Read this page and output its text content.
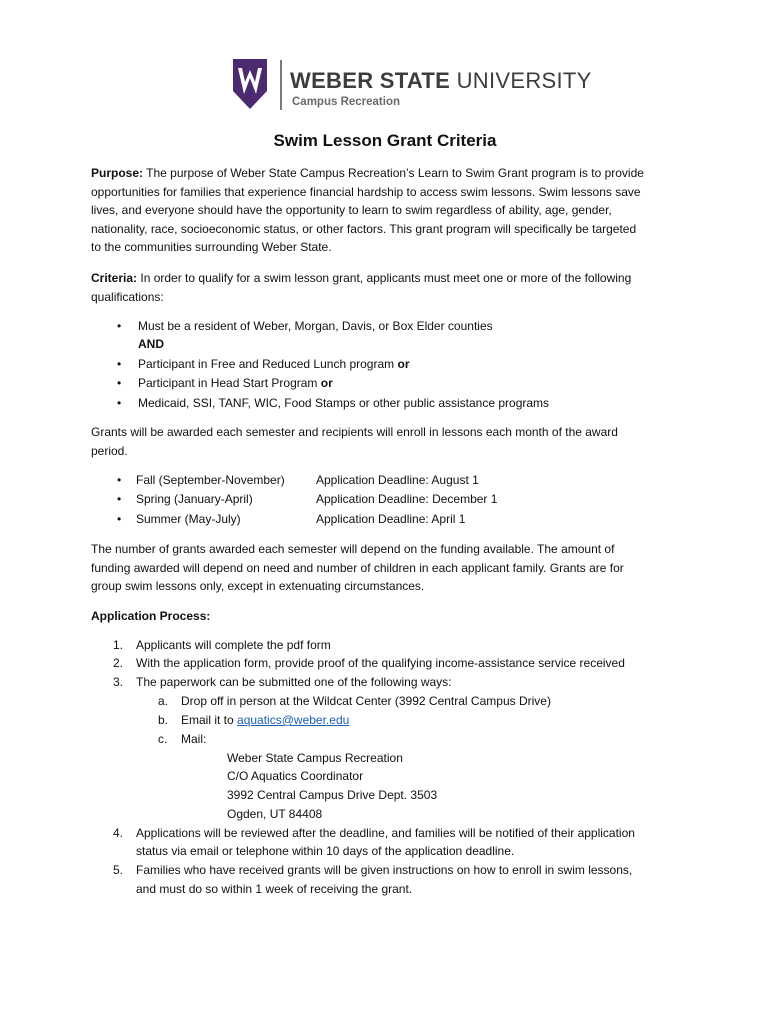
WEBER STATE UNIVERSITY
Campus Recreation
Swim Lesson Grant Criteria
Purpose: The purpose of Weber State Campus Recreation’s Learn to Swim Grant program is to provide
opportunities for families that experience financial hardship to access swim lessons. Swim lessons save
lives, and everyone should have the opportunity to learn to swim regardless of ability, age, gender,
nationality, race, socioeconomic status, or other factors. This grant program will specifically be targeted
to the communities surrounding Weber State.
Criteria: In order to qualify for a swim lesson grant, applicants must meet one or more of the following
qualifications:
• Must be a resident of Weber, Morgan, Davis, or Box Elder counties
AND
• Participant in Free and Reduced Lunch program or
• Participant in Head Start Program or
• Medicaid, SSI, TANF, WIC, Food Stamps or other public assistance programs
Grants will be awarded each semester and recipients will enroll in lessons each month of the award
period.
• Fall (September-November)	Application Deadline: August 1
• Spring (January-April)	Application Deadline: December 1
• Summer (May-July)	Application Deadline: April 1
The number of grants awarded each semester will depend on the funding available. The amount of
funding awarded will depend on need and number of children in each applicant family. Grants are for
group swim lessons only, except in extenuating circumstances.
Application Process:
1. Applicants will complete the pdf form
2. With the application form, provide proof of the qualifying income-assistance service received
3. The paperwork can be submitted one of the following ways:
a. Drop off in person at the Wildcat Center (3992 Central Campus Drive)
b. Email it to aquatics@weber.edu
c. Mail:
Weber State Campus Recreation
C/O Aquatics Coordinator
3992 Central Campus Drive Dept. 3503
Ogden, UT 84408
4. Applications will be reviewed after the deadline, and families will be notified of their application
status via email or telephone within 10 days of the application deadline.
5. Families who have received grants will be given instructions on how to enroll in swim lessons,
and must do so within 1 week of receiving the grant.
